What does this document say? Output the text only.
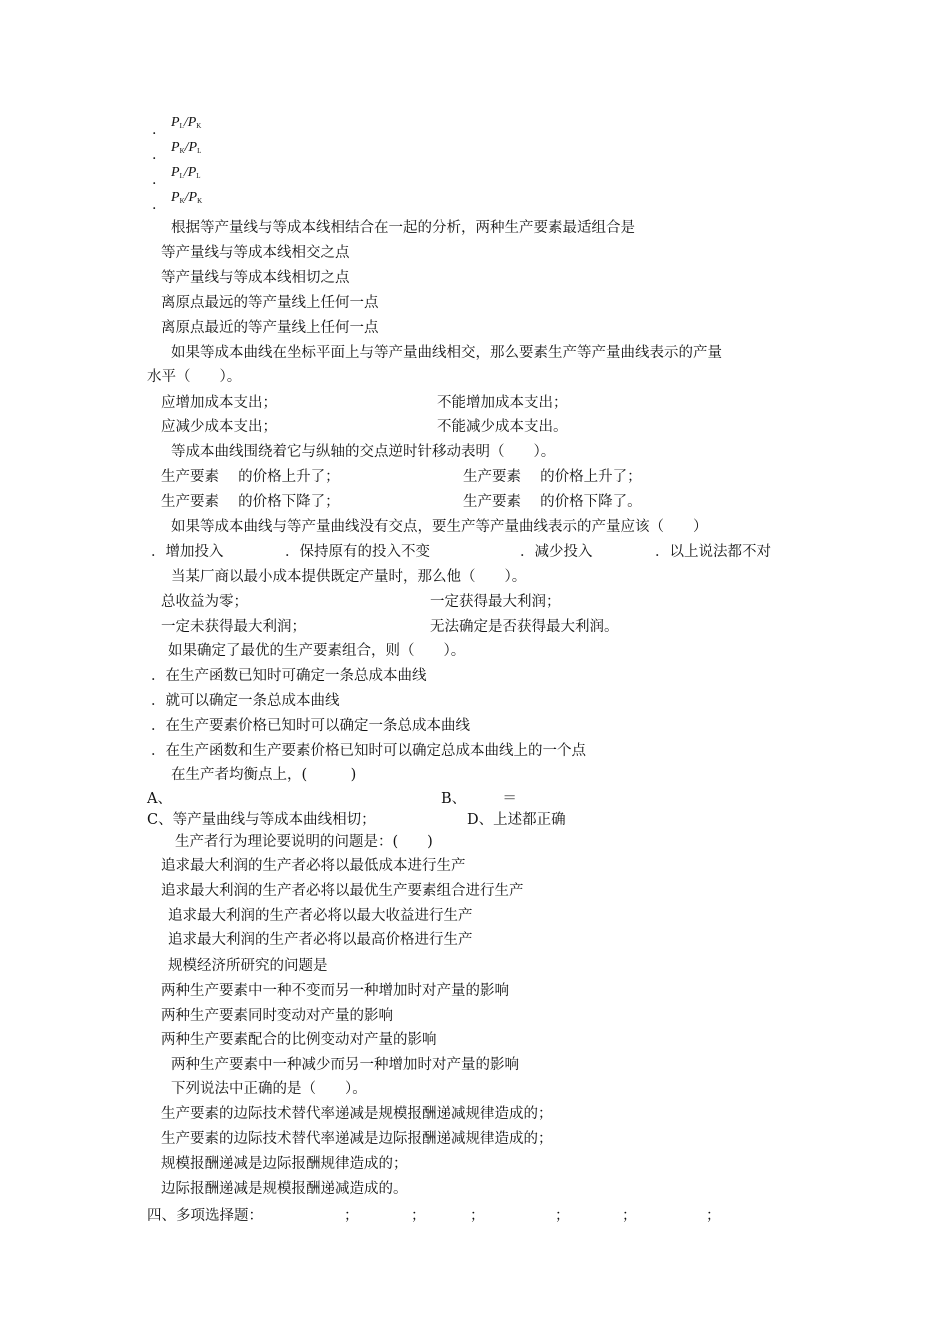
. $P_L/P_K$
. $P_K/P_L$
. $P_L/P_L$
. $P_K/P_K$
根据等产量线与等成本线相结合在一起的分析，两种生产要素最适组合是
等产量线与等成本线相交之点
等产量线与等成本线相切之点
离原点最远的等产量线上任何一点
离原点最近的等产量线上任何一点
如果等成本曲线在坐标平面上与等产量曲线相交，那么要素生产等产量曲线表示的产量
水平（　　）。
应增加成本支出；	不能增加成本支出；
应减少成本支出；	不能减少成本支出。
等成本曲线围绕着它与纵轴的交点逆时针移动表明（　　）。
生产要素　 的价格上升了；	生产要素　 的价格上升了；
生产要素　 的价格下降了；	生产要素　 的价格下降了。
如果等成本曲线与等产量曲线没有交点，要生产等产量曲线表示的产量应该（　　）
．增加投入	．保持原有的投入不变	．减少投入	．以上说法都不对
当某厂商以最小成本提供既定产量时，那么他（　　）。
总收益为零；	一定获得最大利润；
一定未获得最大利润；	无法确定是否获得最大利润。
如果确定了最优的生产要素组合，则（　　）。
．在生产函数已知时可确定一条总成本曲线
．就可以确定一条总成本曲线
．在生产要素价格已知时可以确定一条总成本曲线
．在生产函数和生产要素价格已知时可以确定总成本曲线上的一个点
在生产者均衡点上，(　　　)
A、	B、　　　＝
C、等产量曲线与等成本曲线相切；	D、上述都正确
生产者行为理论要说明的问题是：(　　)
追求最大利润的生产者必将以最低成本进行生产
追求最大利润的生产者必将以最优生产要素组合进行生产
追求最大利润的生产者必将以最大收益进行生产
追求最大利润的生产者必将以最高价格进行生产
规模经济所研究的问题是
两种生产要素中一种不变而另一种增加时对产量的影响
两种生产要素同时变动对产量的影响
两种生产要素配合的比例变动对产量的影响
两种生产要素中一种减少而另一种增加时对产量的影响
下列说法中正确的是（　　）。
生产要素的边际技术替代率递减是规模报酬递减规律造成的；
生产要素的边际技术替代率递减是边际报酬递减规律造成的；
规模报酬递减是边际报酬规律造成的；
边际报酬递减是规模报酬递减造成的。
四、多项选择题：	；	；	；	；	；	；
